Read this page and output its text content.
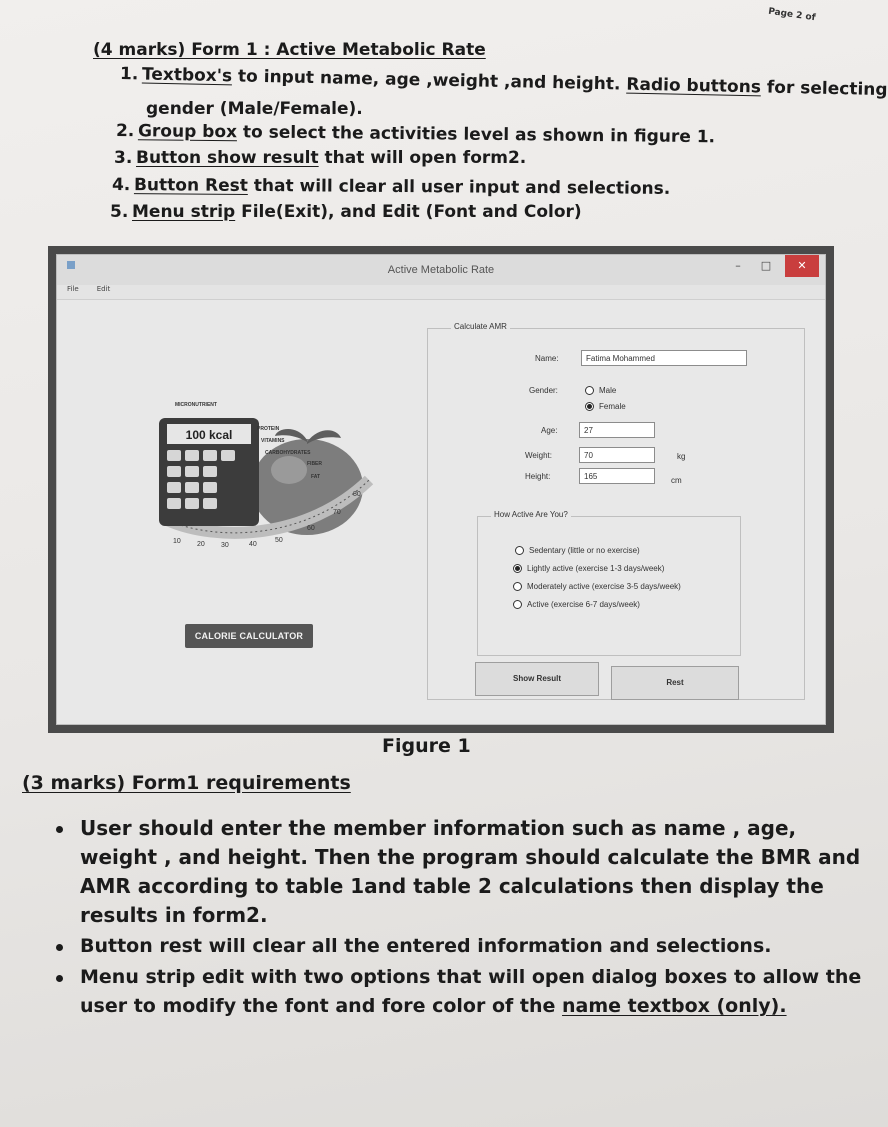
Page 2 of
(4 marks) Form 1 : Active Metabolic Rate
1. Textbox's to input name, age ,weight ,and height. Radio buttons for selecting
gender (Male/Female).
2. Group box to select the activities level as shown in figure 1.
3. Button show result that will open form2.
4. Button Rest that will clear all user input and selections.
5. Menu strip File(Exit), and Edit (Font and Color)
Active Metabolic Rate	–	□	✕
File	Edit
10 20 30	40
50
60
70
80
100 kcal
MICRONUTRIENT
PROTEIN
VITAMINS
CARBOHYDRATES
FIBER
FAT
CALORIE CALCULATOR
Calculate AMR
Name:	Fatima Mohammed
Gender:	Male
Female
Age:	27
Weight:	70	kg
Height:	165	cm
How Active Are You?
Sedentary (little or no exercise)
Lightly active (exercise 1-3 days/week)
Moderately active (exercise 3-5 days/week)
Active (exercise 6-7 days/week)
Show Result	Rest
Figure 1
(3 marks) Form1 requirements
User should enter the member information such as name , age, weight , and height. Then the program should calculate the BMR and AMR according to table 1and table 2 calculations then display the results in form2.
Button rest will clear all the entered information and selections.
Menu strip edit with two options that will open dialog boxes to allow the user to modify the font and fore color of the name textbox (only).
